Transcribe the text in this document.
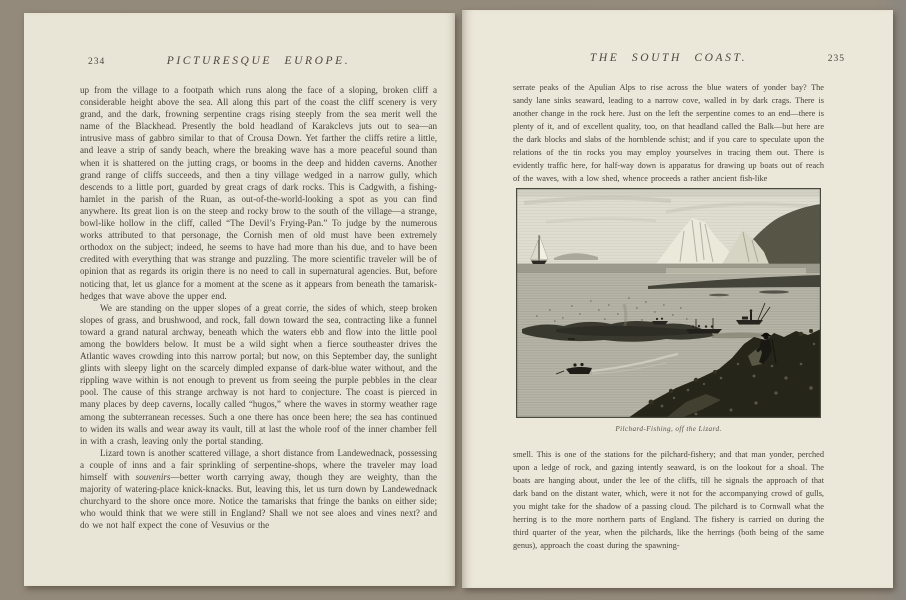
234	PICTURESQUE EUROPE.

up from the village to a footpath which runs along the face of a sloping, broken cliff a considerable height above the sea. All along this part of the coast the cliff scenery is very grand, and the dark, frowning serpentine crags rising steeply from the sea merit well the name of the Blackhead. Presently the bold headland of Karakclevs juts out to sea—an intrusive mass of gabbro similar to that of Crousa Down. Yet farther the cliffs retire a little, and leave a strip of sandy beach, where the breaking wave has a more peaceful sound than when it is shattered on the jutting crags, or booms in the deep and hidden caverns. Another grand range of cliffs succeeds, and then a tiny village wedged in a narrow gully, which descends to a little port, guarded by great crags of dark rocks. This is Cadgwith, a fishing-hamlet in the parish of the Ruan, as out-of-the-world-looking a spot as you can find anywhere. Its great lion is on the steep and rocky brow to the south of the village—a strange, bowl-like hollow in the cliff, called “The Devil’s Frying-Pan.” To judge by the numerous works attributed to that personage, the Cornish men of old must have been extremely orthodox on the subject; indeed, he seems to have had more than his due, and to have been credited with everything that was strange and puzzling. The more scientific traveler will be of opinion that as regards its origin there is no need to call in supernatural agencies. But, before noticing that, let us glance for a moment at the scene as it appears from beneath the tamarisk-hedges that wave above the upper end.

We are standing on the upper slopes of a great corrie, the sides of which, steep broken slopes of grass, and brushwood, and rock, fall down toward the sea, contracting like a funnel toward a grand natural archway, beneath which the waters ebb and flow into the little pool among the bowlders below. It must be a wild sight when a fierce southeaster drives the Atlantic waves crowding into this narrow portal; but now, on this September day, the sunlight glints with sleepy light on the scarcely dimpled expanse of dark-blue water without, and the rippling wave within is not enough to prevent us from seeing the purple pebbles in the clear pool. The cause of this strange archway is not hard to conjecture. The coast is pierced in many places by deep caverns, locally called “hugos,” where the waves in stormy weather rage among the subterranean recesses. Such a one there has once been here; the sea has continued to widen its walls and wear away its vault, till at last the whole roof of the inner chamber fell in with a crash, leaving only the portal standing.

Lizard town is another scattered village, a short distance from Landewednack, possessing a couple of inns and a fair sprinkling of serpentine-shops, where the traveler may load himself with souvenirs—better worth carrying away, though they are weighty, than the majority of watering-place knick-knacks. But, leaving this, let us turn down by Landewednack churchyard to the shore once more. Notice the tamarisks that fringe the banks on either side; who would think that we were still in England? Shall we not see aloes and vines next? and do we not half expect the cone of Vesuvius or the

235
THE SOUTH COAST.

serrate peaks of the Apulian Alps to rise across the blue waters of yonder bay? The sandy lane sinks seaward, leading to a narrow cove, walled in by dark crags. There is another change in the rock here. Just on the left the serpentine comes to an end—there is plenty of it, and of excellent quality, too, on that headland called the Balk—but here are the dark blocks and slabs of the hornblende schist; and if you care to speculate upon the relations of the tin rocks you may employ yourselves in tracing them out. There is evidently traffic here, for half-way down is apparatus for drawing up boats out of reach of the waves, with a low shed, whence proceeds a rather ancient fish-like

Pilchard-Fishing, off the Lizard.

smell. This is one of the stations for the pilchard-fishery; and that man yonder, perched upon a ledge of rock, and gazing intently seaward, is on the lookout for a shoal. The boats are hanging about, under the lee of the cliffs, till he signals the approach of that dark band on the distant water, which, were it not for the accompanying crowd of gulls, you might take for the shadow of a passing cloud. The pilchard is to Cornwall what the herring is to the more northern parts of England. The fishery is carried on during the third quarter of the year, when the pilchards, like the herrings (both being of the same genus), approach the coast during the spawning-
